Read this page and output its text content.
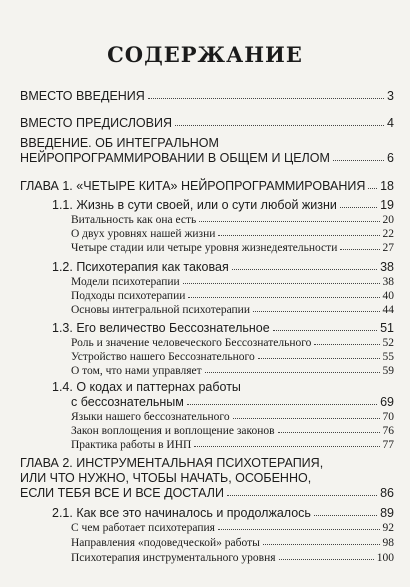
СОДЕРЖАНИЕ
ВМЕСТО ВВЕДЕНИЯ	3
ВМЕСТО ПРЕДИСЛОВИЯ	4
ВВЕДЕНИЕ. ОБ ИНТЕГРАЛЬНОМ
НЕЙРОПРОГРАММИРОВАНИИ В ОБЩЕМ И ЦЕЛОМ	6
ГЛАВА 1. «ЧЕТЫРЕ КИТА» НЕЙРОПРОГРАММИРОВАНИЯ 18
1.1. Жизнь в сути своей, или о сути любой жизни	19
Витальность как она есть	20
О двух уровнях нашей жизни	22
Четыре стадии или четыре уровня жизнедеятельности	27
1.2. Психотерапия как таковая	38
Модели психотерапии	38
Подходы психотерапии	40
Основы интегральной психотерапии	44
1.3. Его величество Бессознательное	51
Роль и значение человеческого Бессознательного	52
Устройство нашего Бессознательного	55
О том, что нами управляет	59
1.4. О кодах и паттернах работы
с бессознательным	69
Языки нашего бессознательного	70
Закон воплощения и воплощение законов	76
Практика работы в ИНП	77
ГЛАВА 2. ИНСТРУМЕНТАЛЬНАЯ ПСИХОТЕРАПИЯ,
ИЛИ ЧТО НУЖНО, ЧТОБЫ НАЧАТЬ, ОСОБЕННО,
ЕСЛИ ТЕБЯ ВСЕ И ВСЕ ДОСТАЛИ	86
2.1. Как все это начиналось и продолжалось	89
С чем работает психотерапия	92
Направления «подоведческой» работы	98
Психотерапия инструментального уровня	100
